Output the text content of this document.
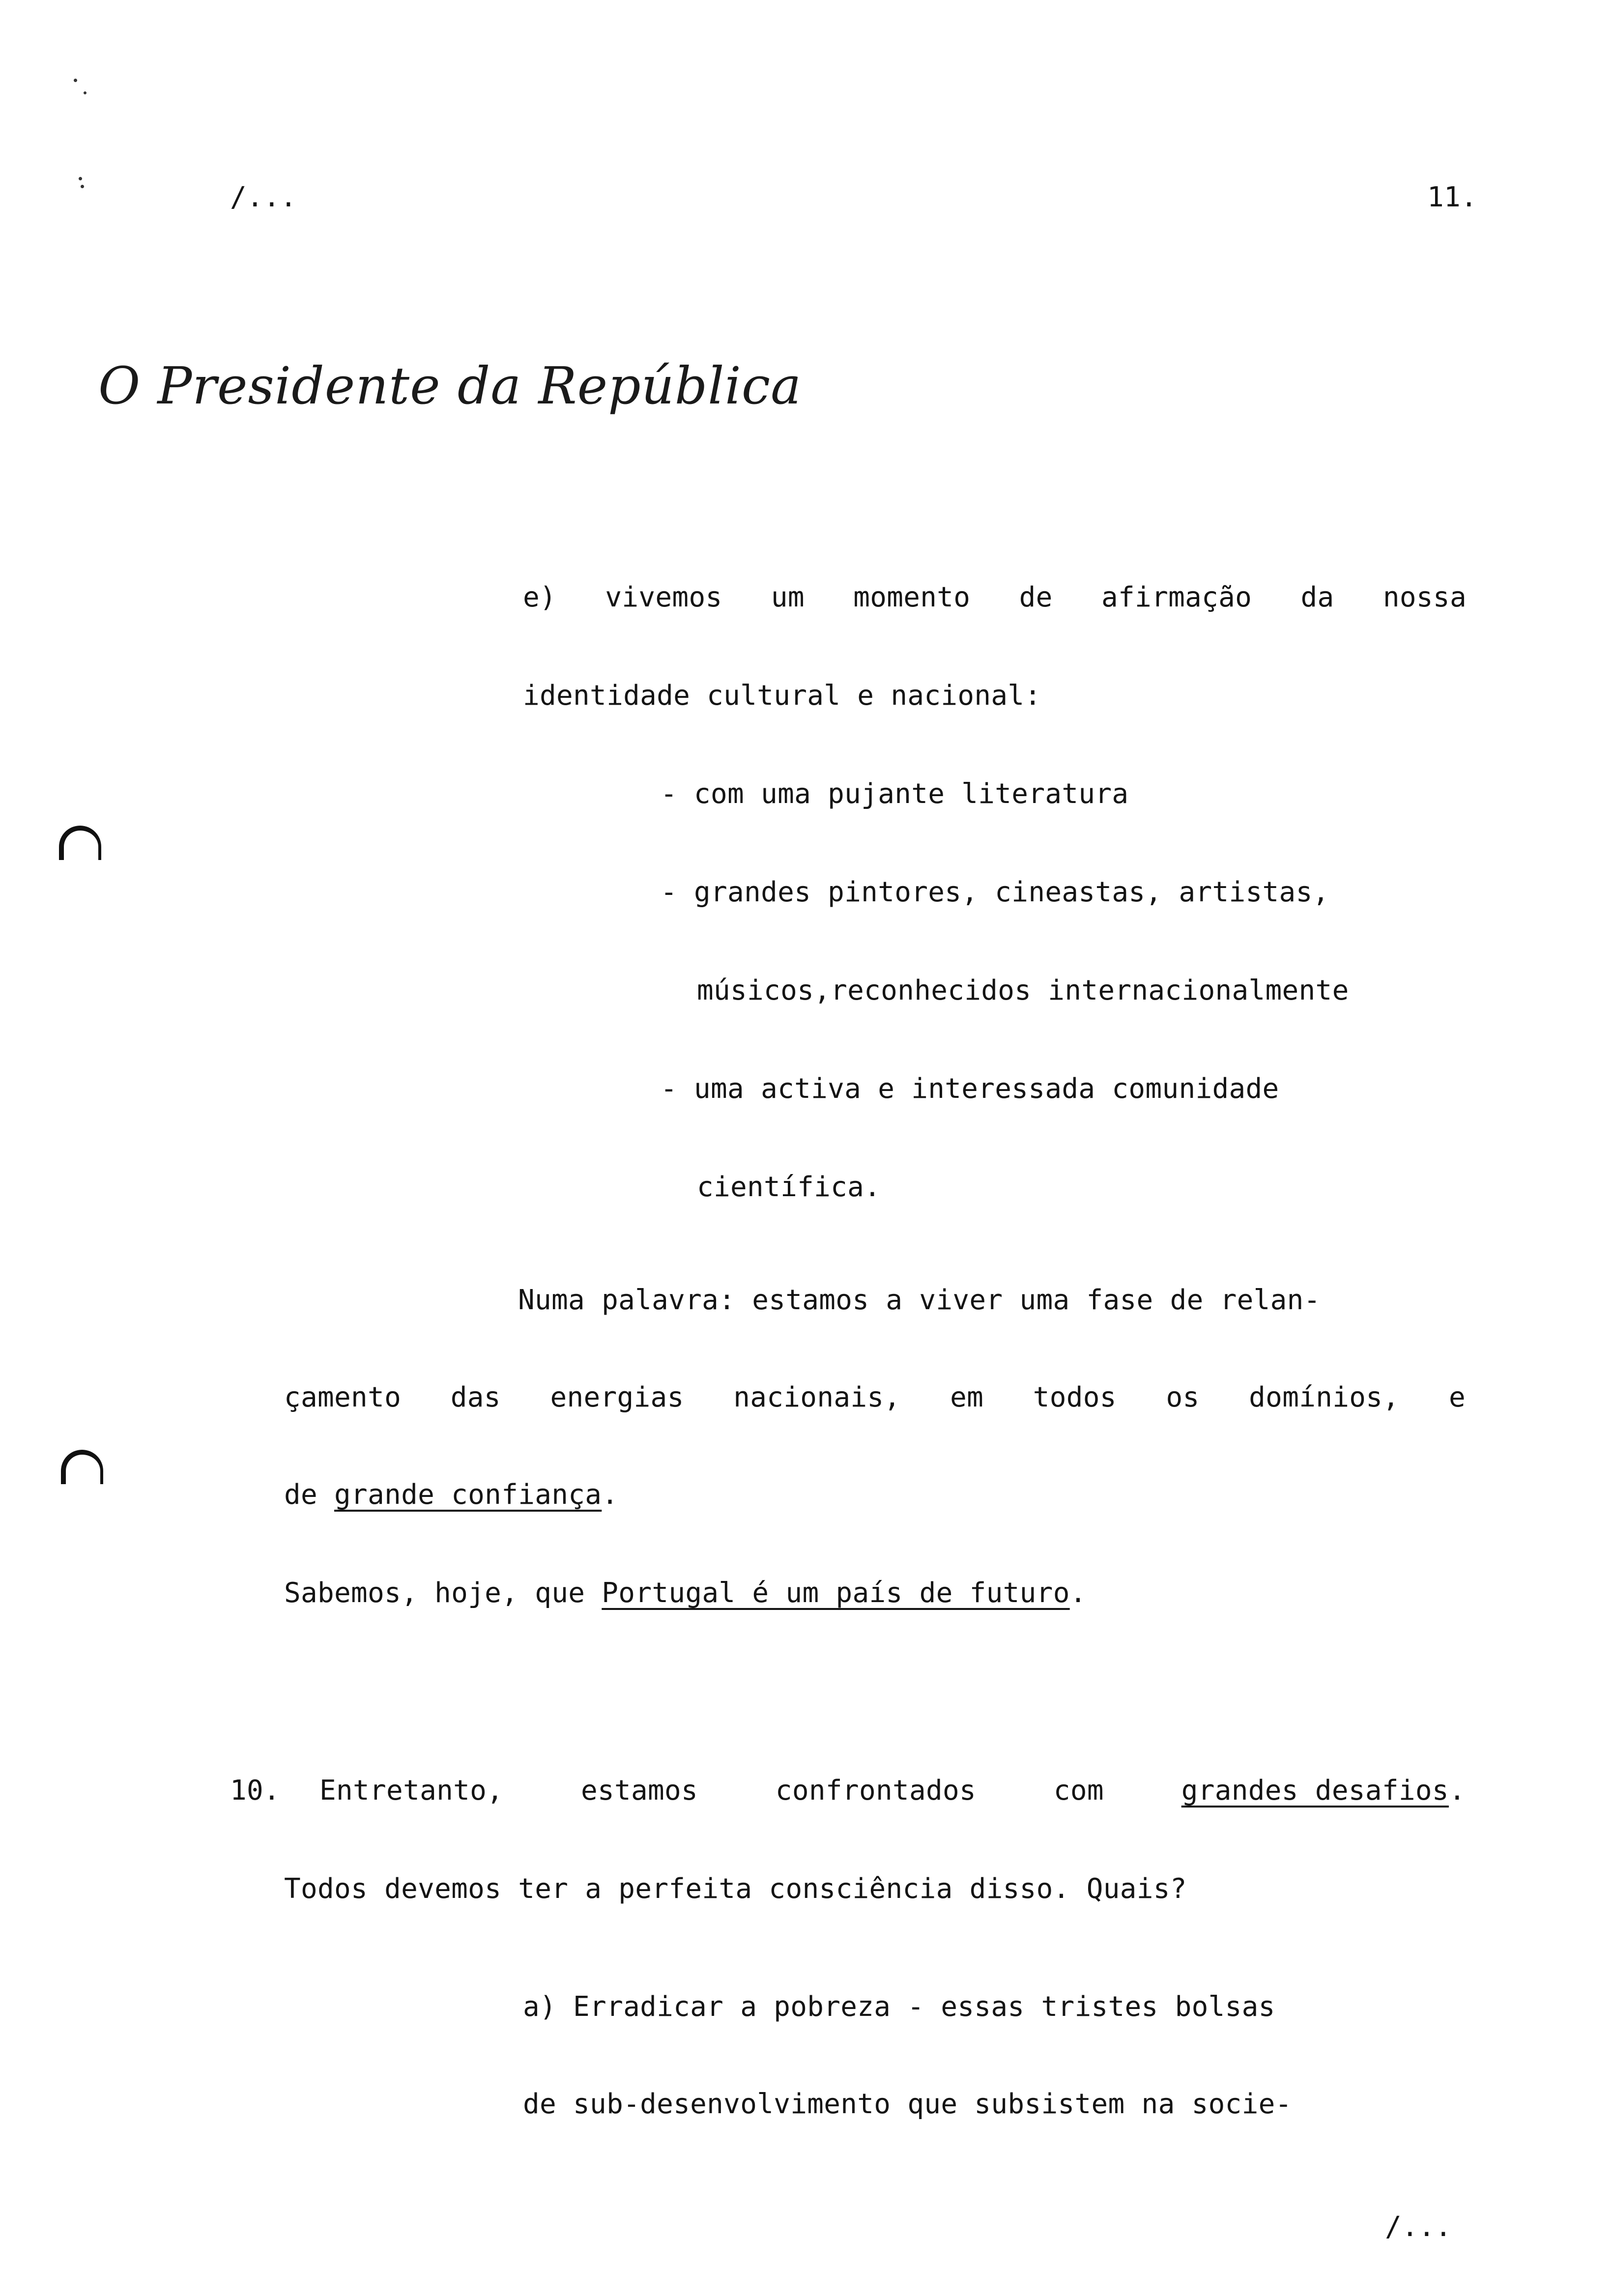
/...	11.
O Presidente da República
e) vivemos um momento de afirmação da nossa
identidade cultural e nacional:
- com uma pujante literatura
- grandes pintores, cineastas, artistas,
músicos,reconhecidos internacionalmente
- uma activa e interessada comunidade
científica.
Numa palavra: estamos a viver uma fase de relan-
çamento das energias nacionais, em todos os domínios, e
de grande confiança.
Sabemos, hoje, que Portugal é um país de futuro.
10. Entretanto,	estamos	confrontados	com	grandes desafios.
Todos devemos ter a perfeita consciência disso. Quais?
a) Erradicar a pobreza - essas tristes bolsas
de sub-desenvolvimento que subsistem na socie-
/...
